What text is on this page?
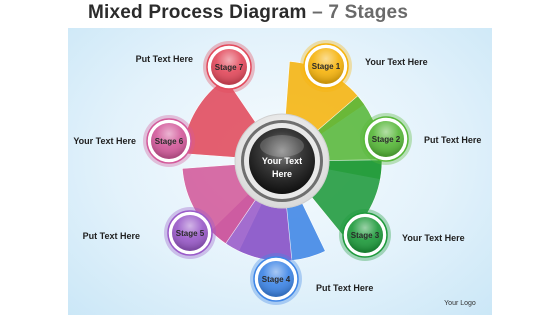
Mixed Process Diagram – 7 Stages
Your Text
Here
Stage 1	Your Text Here
Stage 2	Put Text Here
Stage 3	Your Text Here
Stage 4
Put Text Here
Stage 5
Put Text Here
Stage 6
Your Text Here
Stage 7
Put Text Here
Your Logo
